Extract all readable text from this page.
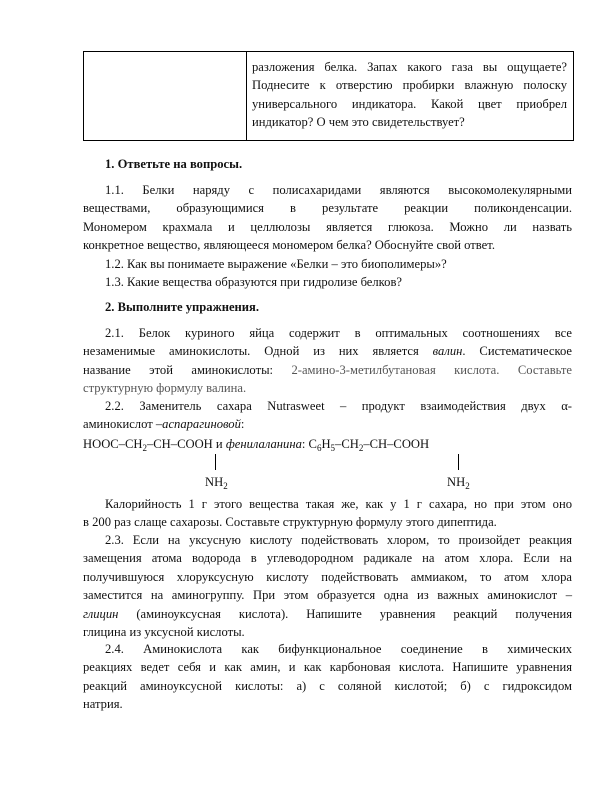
разложения белка. Запах какого газа вы ощущаете?
Поднесите к отверстию пробирки влажную полоску
универсального индикатора. Какой цвет приобрел
индикатор? О чем это свидетельствует?
1. Ответьте на вопросы.
1.1. Белки наряду с полисахаридами являются высокомолекулярными
веществами, образующимися в результате реакции поликонденсации.
Мономером крахмала и целлюлозы является глюкоза. Можно ли назвать
конкретное вещество, являющееся мономером белка? Обоснуйте свой ответ.
1.2. Как вы понимаете выражение «Белки – это биополимеры»?
1.3. Какие вещества образуются при гидролизе белков?
2. Выполните упражнения.
2.1. Белок куриного яйца содержит в оптимальных соотношениях все
незаменимые аминокислоты. Одной из них является валин. Систематическое
название этой аминокислоты: 2-амино-3-метилбутановая кислота. Составьте
структурную формулу валина.
2.2. Заменитель сахара Nutrasweet – продукт взаимодействия двух α-
аминокислот –аспарагиновой:
HOOC–$CH_2-CH$–COOH и фенилаланина: $C_6H_5-CH_2-CH$–COOH
$NH_2$	$NH_2$
Калорийность 1 г этого вещества такая же, как у 1 г сахара, но при этом оно
в 200 раз слаще сахарозы. Составьте структурную формулу этого дипептида.
2.3. Если на уксусную кислоту подействовать хлором, то произойдет реакция
замещения атома водорода в углеводородном радикале на атом хлора. Если на
получившуюся хлоруксусную кислоту подействовать аммиаком, то атом хлора
заместится на аминогруппу. При этом образуется одна из важных аминокислот –
глицин (аминоуксусная кислота). Напишите уравнения реакций получения
глицина из уксусной кислоты.
2.4. Аминокислота как бифункциональное соединение в химических
реакциях ведет себя и как амин, и как карбоновая кислота. Напишите уравнения
реакций аминоуксусной кислоты: а) с соляной кислотой; б) с гидроксидом
натрия.
